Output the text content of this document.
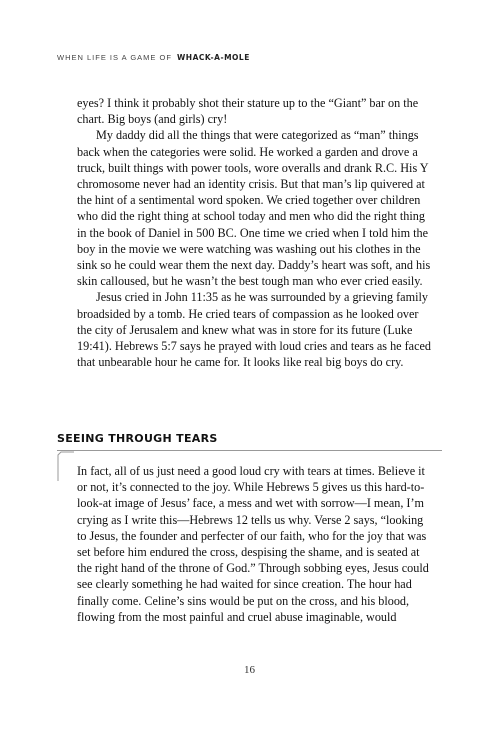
WHEN LIFE IS A GAME OF WHACK-A-MOLE

eyes? I think it probably shot their stature up to the “Giant” bar on the chart. Big boys (and girls) cry!

My daddy did all the things that were categorized as “man” things back when the categories were solid. He worked a garden and drove a truck, built things with power tools, wore overalls and drank R.C. His Y chromosome never had an identity crisis. But that man’s lip quivered at the hint of a sentimental word spoken. We cried together over children who did the right thing at school today and men who did the right thing in the book of Daniel in 500 BC. One time we cried when I told him the boy in the movie we were watching was washing out his clothes in the sink so he could wear them the next day. Daddy’s heart was soft, and his skin calloused, but he wasn’t the best tough man who ever cried easily.

Jesus cried in John 11:35 as he was surrounded by a grieving family broadsided by a tomb. He cried tears of compassion as he looked over the city of Jerusalem and knew what was in store for its future (Luke 19:41). Hebrews 5:7 says he prayed with loud cries and tears as he faced that unbearable hour he came for. It looks like real big boys do cry.

SEEING THROUGH TEARS

In fact, all of us just need a good loud cry with tears at times. Believe it or not, it’s connected to the joy. While Hebrews 5 gives us this hard-to-look-at image of Jesus’ face, a mess and wet with sorrow—I mean, I’m crying as I write this—Hebrews 12 tells us why. Verse 2 says, “looking to Jesus, the founder and perfecter of our faith, who for the joy that was set before him endured the cross, despising the shame, and is seated at the right hand of the throne of God.” Through sobbing eyes, Jesus could see clearly something he had waited for since creation. The hour had finally come. Celine’s sins would be put on the cross, and his blood, flowing from the most painful and cruel abuse imaginable, would

16
